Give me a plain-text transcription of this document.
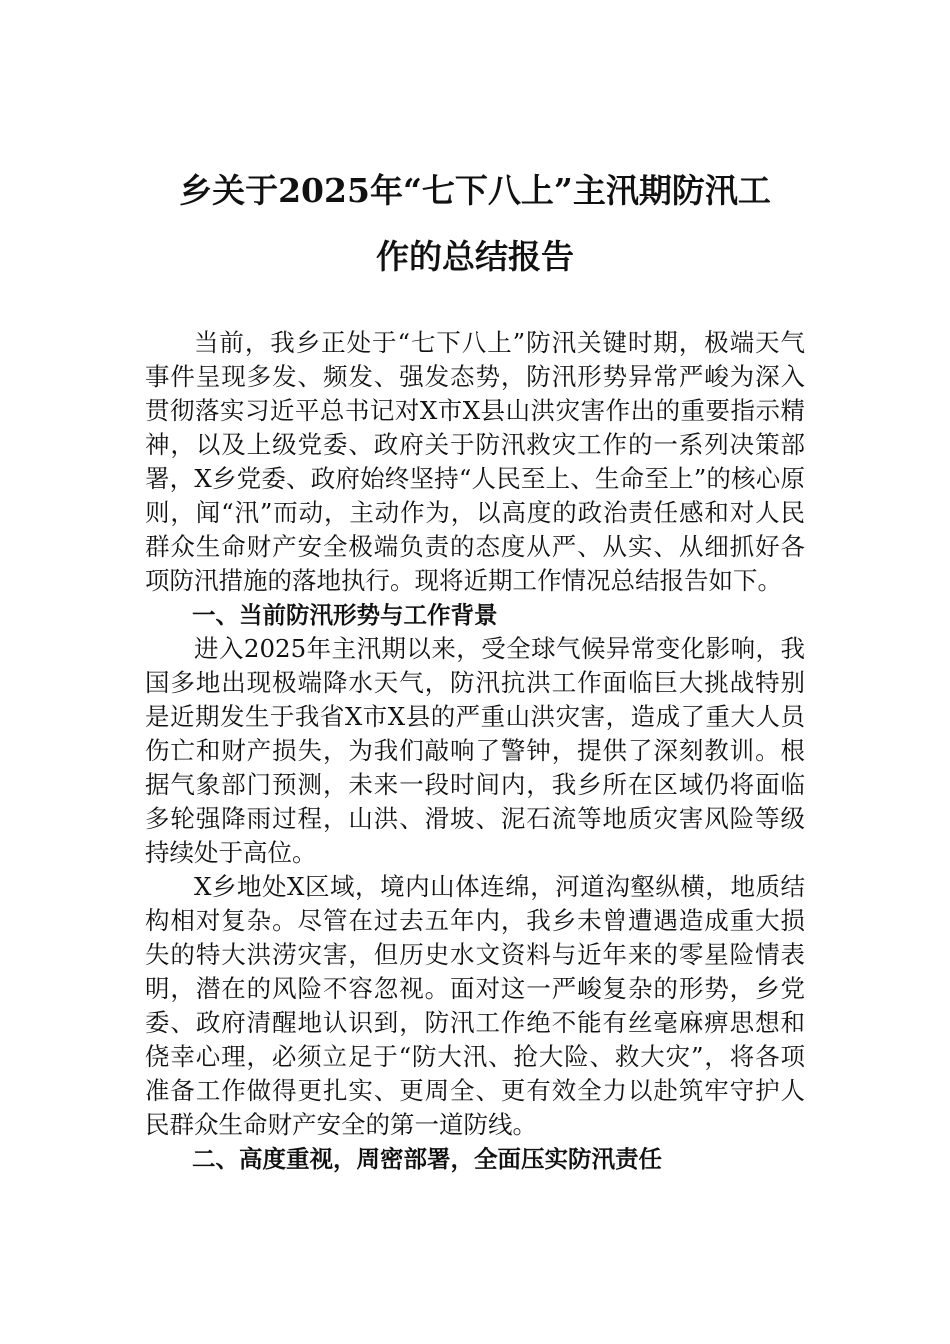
乡关于2025年“七下八上”主汛期防汛工
作的总结报告

当前，我乡正处于“七下八上”防汛关键时期，极端天气事件呈现多发、频发、强发态势，防汛形势异常严峻为深入贯彻落实习近平总书记对X市X县山洪灾害作出的重要指示精神，以及上级党委、政府关于防汛救灾工作的一系列决策部署，X乡党委、政府始终坚持“人民至上、生命至上”的核心原则，闻“汛”而动，主动作为，以高度的政治责任感和对人民群众生命财产安全极端负责的态度从严、从实、从细抓好各项防汛措施的落地执行。现将近期工作情况总结报告如下。

一、当前防汛形势与工作背景

进入2025年主汛期以来，受全球气候异常变化影响，我国多地出现极端降水天气，防汛抗洪工作面临巨大挑战特别是近期发生于我省X市X县的严重山洪灾害，造成了重大人员伤亡和财产损失，为我们敲响了警钟，提供了深刻教训。根据气象部门预测，未来一段时间内，我乡所在区域仍将面临多轮强降雨过程，山洪、滑坡、泥石流等地质灾害风险等级持续处于高位。

X乡地处X区域，境内山体连绵，河道沟壑纵横，地质结构相对复杂。尽管在过去五年内，我乡未曾遭遇造成重大损失的特大洪涝灾害，但历史水文资料与近年来的零星险情表明，潜在的风险不容忽视。面对这一严峻复杂的形势，乡党委、政府清醒地认识到，防汛工作绝不能有丝毫麻痹思想和侥幸心理，必须立足于“防大汛、抢大险、救大灾”，将各项准备工作做得更扎实、更周全、更有效全力以赴筑牢守护人民群众生命财产安全的第一道防线。

二、高度重视，周密部署，全面压实防汛责任
